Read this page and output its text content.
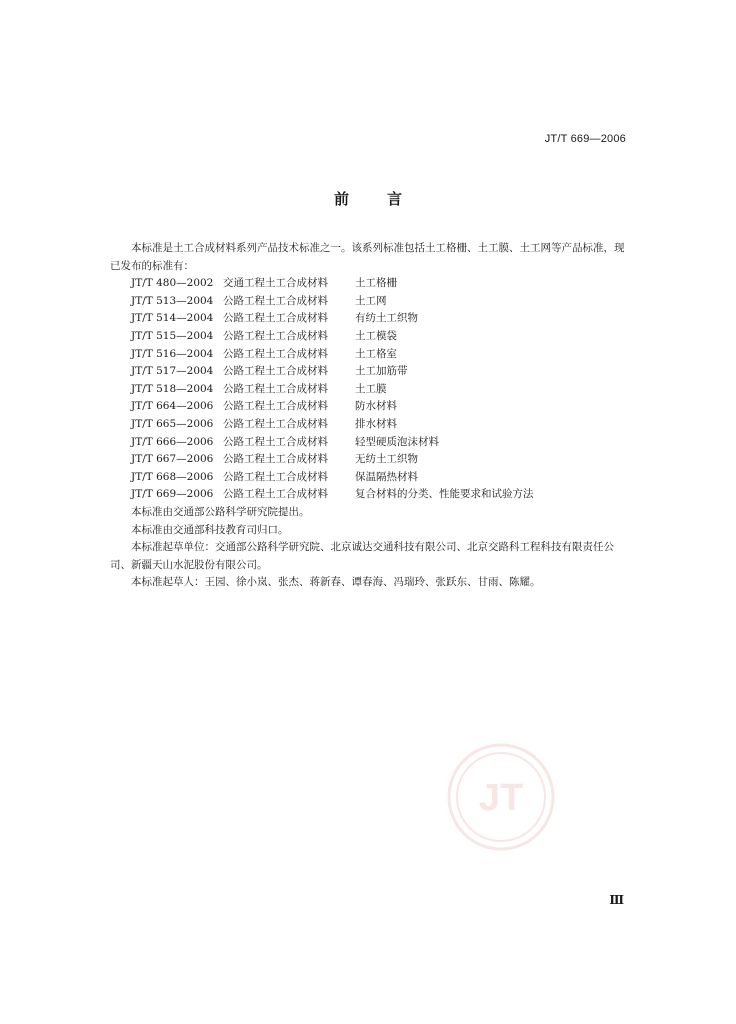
JT/T 669—2006
前	言

本标准是土工合成材料系列产品技术标准之一。该系列标准包括土工格栅、土工膜、土工网等产品标准，现已发布的标准有：

JT/T 480—2002 交通工程土工合成材料	土工格栅
JT/T 513—2004 公路工程土工合成材料	土工网
JT/T 514—2004 公路工程土工合成材料	有纺土工织物
JT/T 515—2004 公路工程土工合成材料	土工模袋
JT/T 516—2004 公路工程土工合成材料	土工格室
JT/T 517—2004 公路工程土工合成材料	土工加筋带
JT/T 518—2004 公路工程土工合成材料	土工膜
JT/T 664—2006 公路工程土工合成材料	防水材料
JT/T 665—2006 公路工程土工合成材料	排水材料
JT/T 666—2006 公路工程土工合成材料	轻型硬质泡沫材料
JT/T 667—2006 公路工程土工合成材料	无纺土工织物
JT/T 668—2006 公路工程土工合成材料	保温隔热材料
JT/T 669—2006 公路工程土工合成材料	复合材料的分类、性能要求和试验方法

本标准由交通部公路科学研究院提出。

本标准由交通部科技教育司归口。

本标准起草单位：交通部公路科学研究院、北京诚达交通科技有限公司、北京交路科工程科技有限责任公司、新疆天山水泥股份有限公司。

本标准起草人：王园、徐小岚、张杰、蒋新春、谭春海、冯瑞玲、张跃东、甘雨、陈耀。

JT
Ⅲ
